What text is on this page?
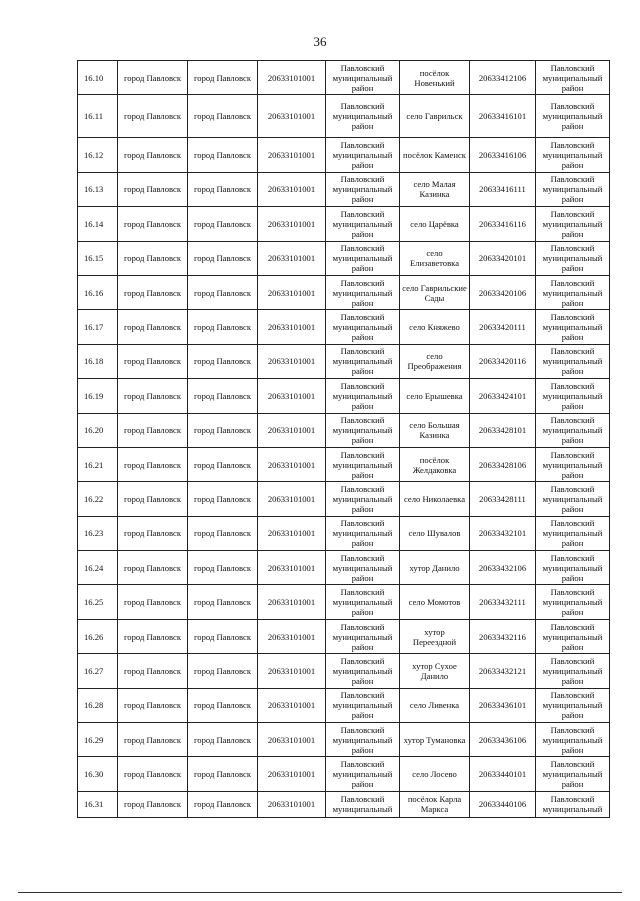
36
16.10	город Павловск	город Павловск	20633101001	Павловский муниципальный район	посёлок Новенький	20633412106	Павловский муниципальный район
16.11	город Павловск	город Павловск	20633101001	Павловский муниципальный район	село Гаврильск	20633416101	Павловский муниципальный район
16.12	город Павловск	город Павловск	20633101001	Павловский муниципальный район	посёлок Каменск	20633416106	Павловский муниципальный район
16.13	город Павловск	город Павловск	20633101001	Павловский муниципальный район	село Малая Казинка	20633416111	Павловский муниципальный район
16.14	город Павловск	город Павловск	20633101001	Павловский муниципальный район	село Царёвка	20633416116	Павловский муниципальный район
16.15	город Павловск	город Павловск	20633101001	Павловский муниципальный район	село Елизаветовка	20633420101	Павловский муниципальный район
16.16	город Павловск	город Павловск	20633101001	Павловский муниципальный район	село Гаврильские Сады	20633420106	Павловский муниципальный район
16.17	город Павловск	город Павловск	20633101001	Павловский муниципальный район	село Княжево	20633420111	Павловский муниципальный район
16.18	город Павловск	город Павловск	20633101001	Павловский муниципальный район	село Преображения	20633420116	Павловский муниципальный район
16.19	город Павловск	город Павловск	20633101001	Павловский муниципальный район	село Ерышевка	20633424101	Павловский муниципальный район
16.20	город Павловск	город Павловск	20633101001	Павловский муниципальный район	село Большая Казинка	20633428101	Павловский муниципальный район
16.21	город Павловск	город Павловск	20633101001	Павловский муниципальный район	посёлок Желдаковка	20633428106	Павловский муниципальный район
16.22	город Павловск	город Павловск	20633101001	Павловский муниципальный район	село Николаевка	20633428111	Павловский муниципальный район
16.23	город Павловск	город Павловск	20633101001	Павловский муниципальный район	село Шувалов	20633432101	Павловский муниципальный район
16.24	город Павловск	город Павловск	20633101001	Павловский муниципальный район	хутор Данило	20633432106	Павловский муниципальный район
16.25	город Павловск	город Павловск	20633101001	Павловский муниципальный район	село Момотов	20633432111	Павловский муниципальный район
16.26	город Павловск	город Павловск	20633101001	Павловский муниципальный район	хутор Переездной	20633432116	Павловский муниципальный район
16.27	город Павловск	город Павловск	20633101001	Павловский муниципальный район	хутор Сухое Данило	20633432121	Павловский муниципальный район
16.28	город Павловск	город Павловск	20633101001	Павловский муниципальный район	село Ливенка	20633436101	Павловский муниципальный район
16.29	город Павловск	город Павловск	20633101001	Павловский муниципальный район	хутор Тумановка	20633436106	Павловский муниципальный район
16.30	город Павловск	город Павловск	20633101001	Павловский муниципальный район	село Лосево	20633440101	Павловский муниципальный район
16.31	город Павловск	город Павловск	20633101001	Павловский муниципальный	посёлок Карла Маркса	20633440106	Павловский муниципальный
